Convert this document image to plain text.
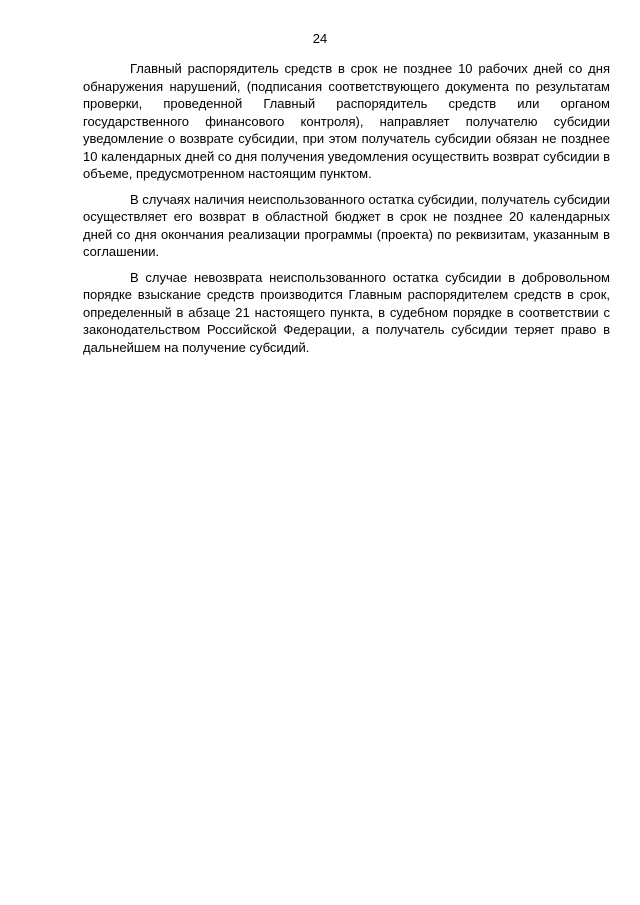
24

Главный распорядитель средств в срок не позднее 10 рабочих дней со дня обнаружения нарушений, (подписания соответствующего документа по результатам проверки, проведенной Главный распорядитель средств или органом государственного финансового контроля), направляет получателю субсидии уведомление о возврате субсидии, при этом получатель субсидии обязан не позднее 10 календарных дней со дня получения уведомления осуществить возврат субсидии в объеме, предусмотренном настоящим пунктом.

В случаях наличия неиспользованного остатка субсидии, получатель субсидии осуществляет его возврат в областной бюджет в срок не позднее 20 календарных дней со дня окончания реализации программы (проекта) по реквизитам, указанным в соглашении.

В случае невозврата неиспользованного остатка субсидии в добровольном порядке взыскание средств производится Главным распорядителем средств в срок, определенный в абзаце 21 настоящего пункта, в судебном порядке в соответствии с законодательством Российской Федерации, а получатель субсидии теряет право в дальнейшем на получение субсидий.
